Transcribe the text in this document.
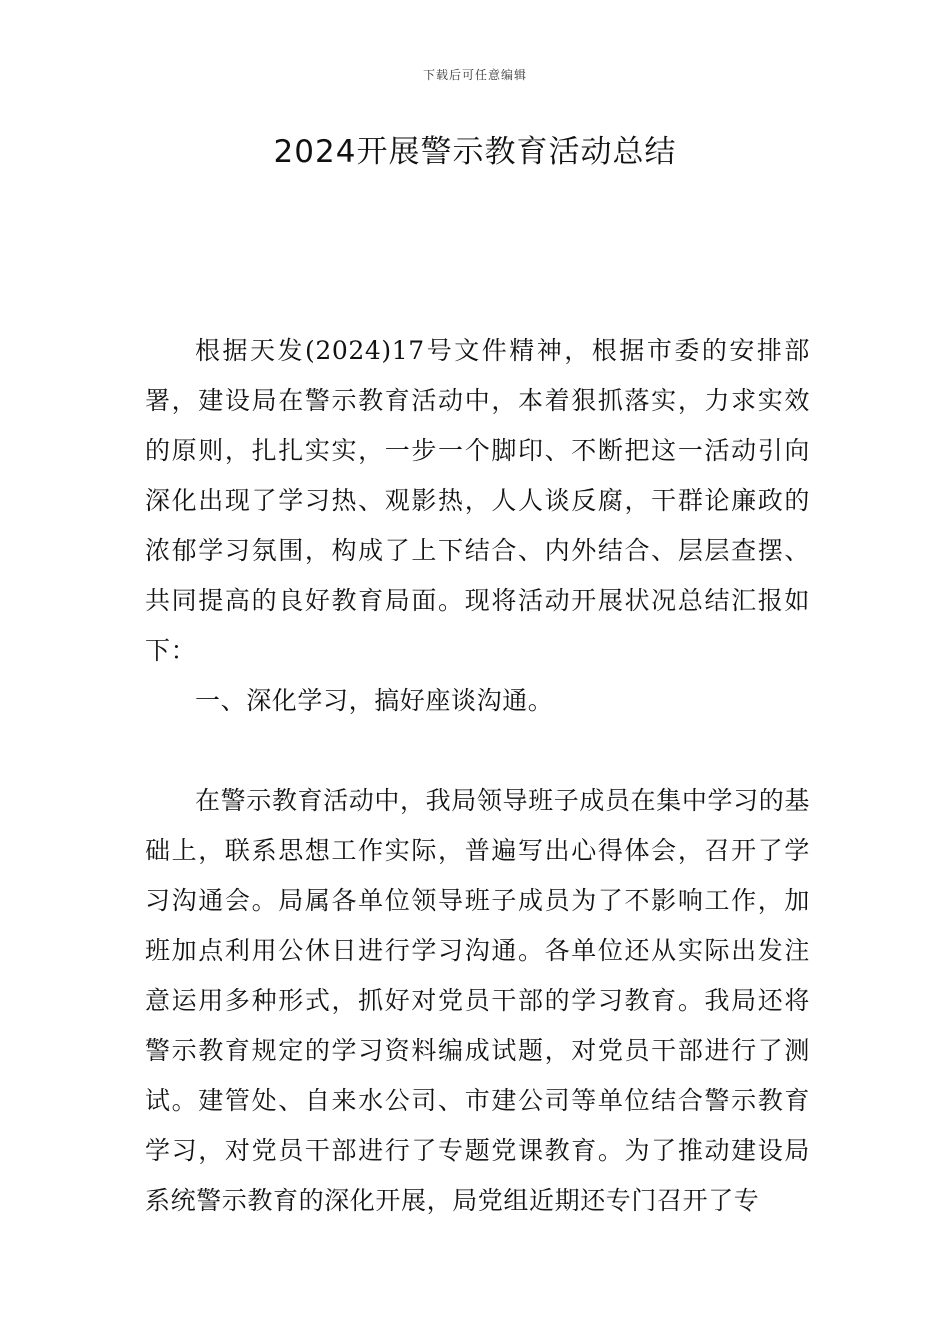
下载后可任意编辑
2024开展警示教育活动总结

根据天发(2024)17号文件精神，根据市委的安排部署，建设局在警示教育活动中，本着狠抓落实，力求实效的原则，扎扎实实，一步一个脚印、不断把这一活动引向深化出现了学习热、观影热，人人谈反腐，干群论廉政的浓郁学习氛围，构成了上下结合、内外结合、层层查摆、共同提高的良好教育局面。现将活动开展状况总结汇报如下：

一、深化学习，搞好座谈沟通。

在警示教育活动中，我局领导班子成员在集中学习的基础上，联系思想工作实际，普遍写出心得体会，召开了学习沟通会。局属各单位领导班子成员为了不影响工作，加班加点利用公休日进行学习沟通。各单位还从实际出发注意运用多种形式，抓好对党员干部的学习教育。我局还将警示教育规定的学习资料编成试题，对党员干部进行了测试。建管处、自来水公司、市建公司等单位结合警示教育学习，对党员干部进行了专题党课教育。为了推动建设局系统警示教育的深化开展，局党组近期还专门召开了专
